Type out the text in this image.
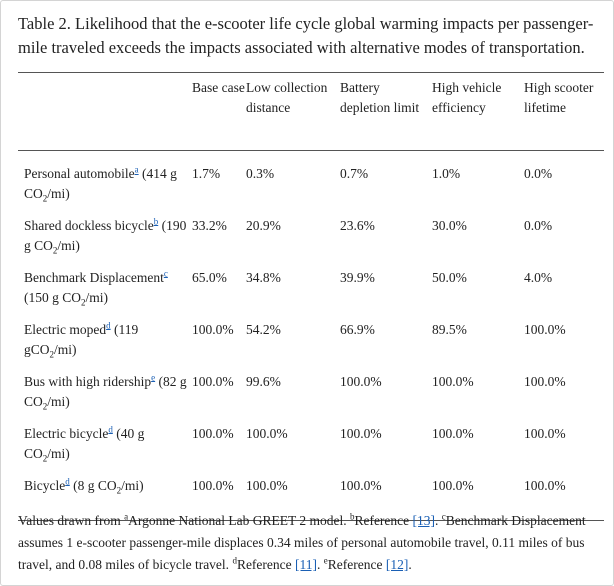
Table 2. Likelihood that the e-scooter life cycle global warming impacts per passenger-mile traveled exceeds the impacts associated with alternative modes of transportation.
	Base case	Low collection distance	Battery depletion limit	High vehicle efficiency	High scooter lifetime
Personal automobile$^a$ (414 g $CO_2/mi$)	1.7%	0.3%	0.7%	1.0%	0.0%
Shared dockless bicycle$^b$ (190 g $CO_2/mi$)	33.2%	20.9%	23.6%	30.0%	0.0%
Benchmark Displacement$^c$ (150 g $CO_2/mi$)	65.0%	34.8%	39.9%	50.0%	4.0%
Electric moped$^d$ (119 gCO$_2$/mi)	100.0%	54.2%	66.9%	89.5%	100.0%
Bus with high ridership$^e$ (82 g $CO_2/mi$)	100.0%	99.6%	100.0%	100.0%	100.0%
Electric bicycle$^d$ (40 g $CO_2/mi$)	100.0%	100.0%	100.0%	100.0%	100.0%
Bicycle$^d$ (8 g $CO_2/mi$)	100.0%	100.0%	100.0%	100.0%	100.0%
Values drawn from $^a$Argonne National Lab GREET 2 model. $^b$Reference [13]. $^c$Benchmark Displacement assumes 1 e-scooter passenger-mile displaces 0.34 miles of personal automobile travel, 0.11 miles of bus travel, and 0.08 miles of bicycle travel. $^d$Reference [11]. $^e$Reference [12].
